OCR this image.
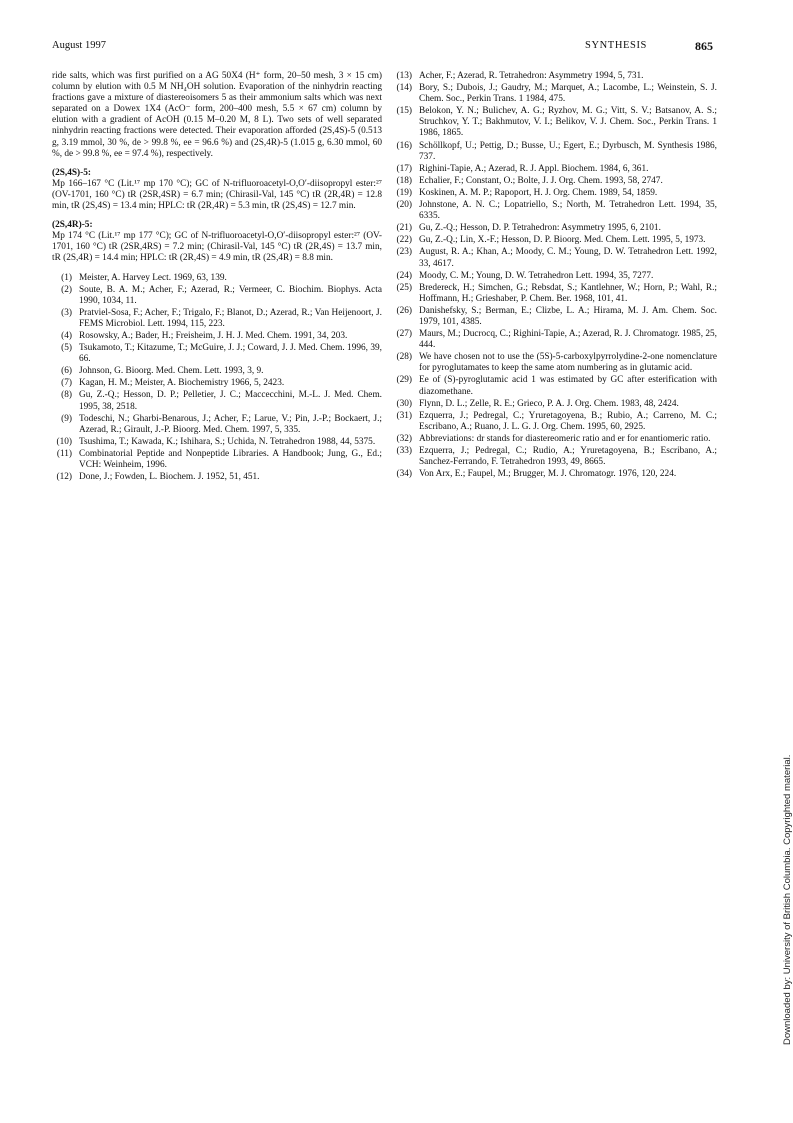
August 1997	SYNTHESIS	865

ride salts, which was first purified on a AG 50X4 (H⁺ form, 20–50 mesh, 3 × 15 cm) column by elution with 0.5 M NH₄OH solution. Evaporation of the ninhydrin reacting fractions gave a mixture of diastereoisomers 5 as their ammonium salts which was next separated on a Dowex 1X4 (AcO⁻ form, 200–400 mesh, 5.5 × 67 cm) column by elution with a gradient of AcOH (0.15 M–0.20 M, 8 L). Two sets of well separated ninhydrin reacting fractions were detected. Their evaporation afforded (2S,4S)-5 (0.513 g, 3.19 mmol, 30 %, de > 99.8 %, ee = 96.6 %) and (2S,4R)-5 (1.015 g, 6.30 mmol, 60 %, de > 99.8 %, ee = 97.4 %), respectively.

(2S,4S)-5:

Mp 166–167 °C (Lit.¹⁷ mp 170 °C); GC of N-trifluoroacetyl-O,O′-diisopropyl ester:²⁷ (OV-1701, 160 °C) tR (2SR,4SR) = 6.7 min; (Chirasil-Val, 145 °C) tR (2R,4R) = 12.8 min, tR (2S,4S) = 13.4 min; HPLC: tR (2R,4R) = 5.3 min, tR (2S,4S) = 12.7 min.

(2S,4R)-5:

Mp 174 °C (Lit.¹⁷ mp 177 °C); GC of N-trifluoroacetyl-O,O′-diisopropyl ester:²⁷ (OV-1701, 160 °C) tR (2SR,4RS) = 7.2 min; (Chirasil-Val, 145 °C) tR (2R,4S) = 13.7 min, tR (2S,4R) = 14.4 min; HPLC: tR (2R,4S) = 4.9 min, tR (2S,4R) = 8.8 min.

(1) Meister, A. Harvey Lect. 1969, 63, 139.
(2) Soute, B. A. M.; Acher, F.; Azerad, R.; Vermeer, C. Biochim. Biophys. Acta 1990, 1034, 11.
(3) Pratviel-Sosa, F.; Acher, F.; Trigalo, F.; Blanot, D.; Azerad, R.; Van Heijenoort, J. FEMS Microbiol. Lett. 1994, 115, 223.
(4) Rosowsky, A.; Bader, H.; Freisheim, J. H. J. Med. Chem. 1991, 34, 203.
(5) Tsukamoto, T.; Kitazume, T.; McGuire, J. J.; Coward, J. J. Med. Chem. 1996, 39, 66.
(6) Johnson, G. Bioorg. Med. Chem. Lett. 1993, 3, 9.
(7) Kagan, H. M.; Meister, A. Biochemistry 1966, 5, 2423.
(8) Gu, Z.-Q.; Hesson, D. P.; Pelletier, J. C.; Maccecchini, M.-L. J. Med. Chem. 1995, 38, 2518.
(9) Todeschi, N.; Gharbi-Benarous, J.; Acher, F.; Larue, V.; Pin, J.-P.; Bockaert, J.; Azerad, R.; Girault, J.-P. Bioorg. Med. Chem. 1997, 5, 335.
(10) Tsushima, T.; Kawada, K.; Ishihara, S.; Uchida, N. Tetrahedron 1988, 44, 5375.
(11) Combinatorial Peptide and Nonpeptide Libraries. A Handbook; Jung, G., Ed.; VCH: Weinheim, 1996.
(12) Done, J.; Fowden, L. Biochem. J. 1952, 51, 451.
(13) Acher, F.; Azerad, R. Tetrahedron: Asymmetry 1994, 5, 731.
(14) Bory, S.; Dubois, J.; Gaudry, M.; Marquet, A.; Lacombe, L.; Weinstein, S. J. Chem. Soc., Perkin Trans. 1 1984, 475.
(15) Belokon, Y. N.; Bulichev, A. G.; Ryzhov, M. G.; Vitt, S. V.; Batsanov, A. S.; Struchkov, Y. T.; Bakhmutov, V. I.; Belikov, V. J. Chem. Soc., Perkin Trans. 1 1986, 1865.
(16) Schöllkopf, U.; Pettig, D.; Busse, U.; Egert, E.; Dyrbusch, M. Synthesis 1986, 737.
(17) Righini-Tapie, A.; Azerad, R. J. Appl. Biochem. 1984, 6, 361.
(18) Echalier, F.; Constant, O.; Bolte, J. J. Org. Chem. 1993, 58, 2747.
(19) Koskinen, A. M. P.; Rapoport, H. J. Org. Chem. 1989, 54, 1859.
(20) Johnstone, A. N. C.; Lopatriello, S.; North, M. Tetrahedron Lett. 1994, 35, 6335.
(21) Gu, Z.-Q.; Hesson, D. P. Tetrahedron: Asymmetry 1995, 6, 2101.
(22) Gu, Z.-Q.; Lin, X.-F.; Hesson, D. P. Bioorg. Med. Chem. Lett. 1995, 5, 1973.
(23) August, R. A.; Khan, A.; Moody, C. M.; Young, D. W. Tetrahedron Lett. 1992, 33, 4617.
(24) Moody, C. M.; Young, D. W. Tetrahedron Lett. 1994, 35, 7277.
(25) Bredereck, H.; Simchen, G.; Rebsdat, S.; Kantlehner, W.; Horn, P.; Wahl, R.; Hoffmann, H.; Grieshaber, P. Chem. Ber. 1968, 101, 41.
(26) Danishefsky, S.; Berman, E.; Clizbe, L. A.; Hirama, M. J. Am. Chem. Soc. 1979, 101, 4385.
(27) Maurs, M.; Ducrocq, C.; Righini-Tapie, A.; Azerad, R. J. Chromatogr. 1985, 25, 444.
(28) We have chosen not to use the (5S)-5-carboxylpyrrolydine-2-one nomenclature for pyroglutamates to keep the same atom numbering as in glutamic acid.
(29) Ee of (S)-pyroglutamic acid 1 was estimated by GC after esterification with diazomethane.
(30) Flynn, D. L.; Zelle, R. E.; Grieco, P. A. J. Org. Chem. 1983, 48, 2424.
(31) Ezquerra, J.; Pedregal, C.; Yruretagoyena, B.; Rubio, A.; Carreno, M. C.; Escribano, A.; Ruano, J. L. G. J. Org. Chem. 1995, 60, 2925.
(32) Abbreviations: dr stands for diastereomeric ratio and er for enantiomeric ratio.
(33) Ezquerra, J.; Pedregal, C.; Rudio, A.; Yruretagoyena, B.; Escribano, A.; Sanchez-Ferrando, F. Tetrahedron 1993, 49, 8665.
(34) Von Arx, E.; Faupel, M.; Brugger, M. J. Chromatogr. 1976, 120, 224.
Downloaded by: University of British Columbia. Copyrighted material.
